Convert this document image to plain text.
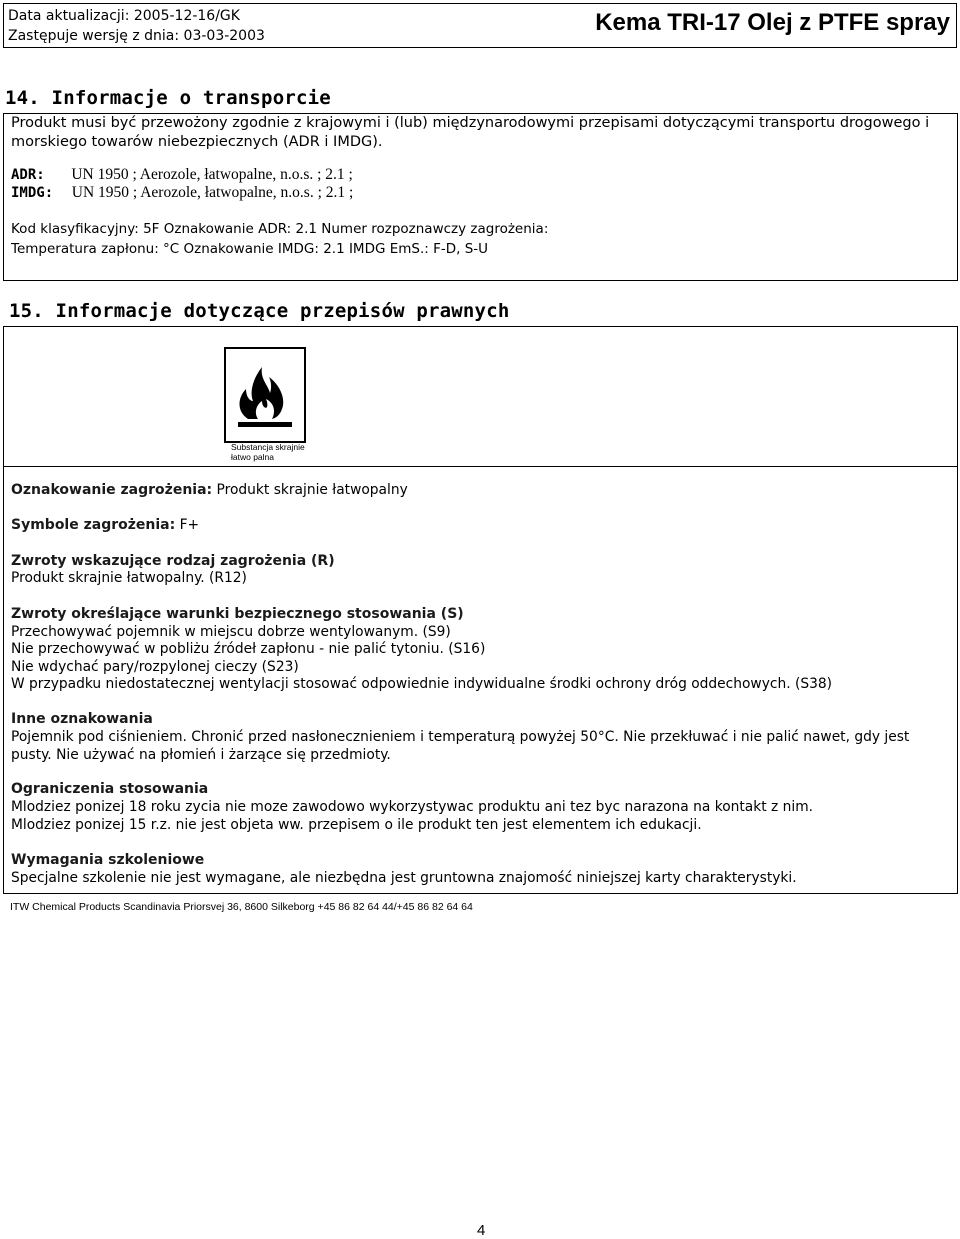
Data aktualizacji: 2005-12-16/GK
Zastępuje wersję z dnia: 03-03-2003	Kema TRI-17 Olej z PTFE spray
14. Informacje o transporcie
Produkt musi być przewożony zgodnie z krajowymi i (lub) międzynarodowymi przepisami dotyczącymi transportu drogowego i morskiego towarów niebezpiecznych (ADR i IMDG).
ADR: UN 1950 ; Aerozole, łatwopalne, n.o.s. ; 2.1 ;
IMDG: UN 1950 ; Aerozole, łatwopalne, n.o.s. ; 2.1 ;
Kod klasyfikacyjny: 5F Oznakowanie ADR: 2.1 Numer rozpoznawczy zagrożenia:
Temperatura zapłonu: °C Oznakowanie IMDG: 2.1 IMDG EmS.: F-D, S-U
15. Informacje dotyczące przepisów prawnych
Substancja skrajnie łatwo palna
Oznakowanie zagrożenia: Produkt skrajnie łatwopalny
Symbole zagrożenia: F+
Zwroty wskazujące rodzaj zagrożenia (R)
Produkt skrajnie łatwopalny. (R12)
Zwroty określające warunki bezpiecznego stosowania (S)
Przechowywać pojemnik w miejscu dobrze wentylowanym. (S9)
Nie przechowywać w pobliżu źródeł zapłonu - nie palić tytoniu. (S16)
Nie wdychać pary/rozpylonej cieczy (S23)
W przypadku niedostatecznej wentylacji stosować odpowiednie indywidualne środki ochrony dróg oddechowych. (S38)
Inne oznakowania
Pojemnik pod ciśnieniem. Chronić przed nasłonecznieniem i temperaturą powyżej 50°C. Nie przekłuwać i nie palić nawet, gdy jest pusty. Nie używać na płomień i żarzące się przedmioty.
Ograniczenia stosowania
Mlodziez ponizej 18 roku zycia nie moze zawodowo wykorzystywac produktu ani tez byc narazona na kontakt z nim.
Mlodziez ponizej 15 r.z. nie jest objeta ww. przepisem o ile produkt ten jest elementem ich edukacji.
Wymagania szkoleniowe
Specjalne szkolenie nie jest wymagane, ale niezbędna jest gruntowna znajomość niniejszej karty charakterystyki.
ITW Chemical Products Scandinavia Priorsvej 36, 8600 Silkeborg +45 86 82 64 44/+45 86 82 64 64
4
